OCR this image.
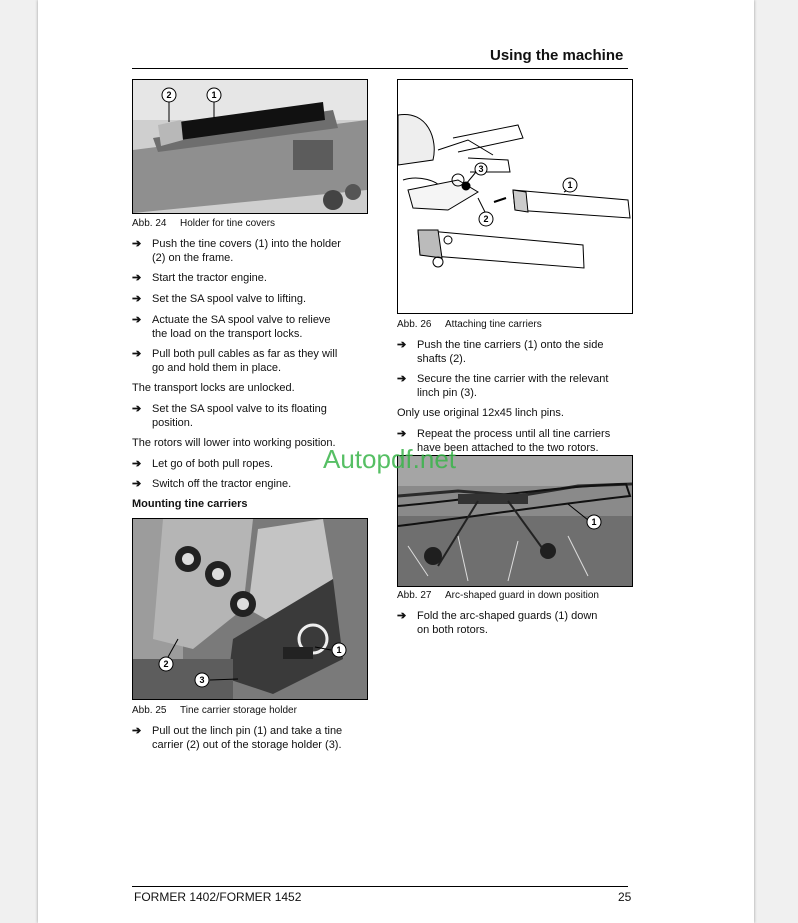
Using the machine
2	1
Abb. 24 Holder for tine covers
➔ Push the tine covers (1) into the holder
(2) on the frame.
➔ Start the tractor engine.
➔ Set the SA spool valve to lifting.
➔ Actuate the SA spool valve to relieve
the load on the transport locks.
➔ Pull both pull cables as far as they will
go and hold them in place.
The transport locks are unlocked.
➔ Set the SA spool valve to its floating
position.
The rotors will lower into working position.
➔ Let go of both pull ropes.
➔ Switch off the tractor engine.
Mounting tine carriers
1
2
3
Abb. 25 Tine carrier storage holder
➔ Pull out the linch pin (1) and take a tine
carrier (2) out of the storage holder (3).
3
1
2
Abb. 26 Attaching tine carriers
➔ Push the tine carriers (1) onto the side
shafts (2).
➔ Secure the tine carrier with the relevant
linch pin (3).
Only use original 12x45 linch pins.
➔ Repeat the process until all tine carriers
have been attached to the two rotors.
1
Abb. 27 Arc-shaped guard in down position
➔ Fold the arc-shaped guards (1) down
on both rotors.
Autopdf.net
FORMER 1402/FORMER 1452	25
